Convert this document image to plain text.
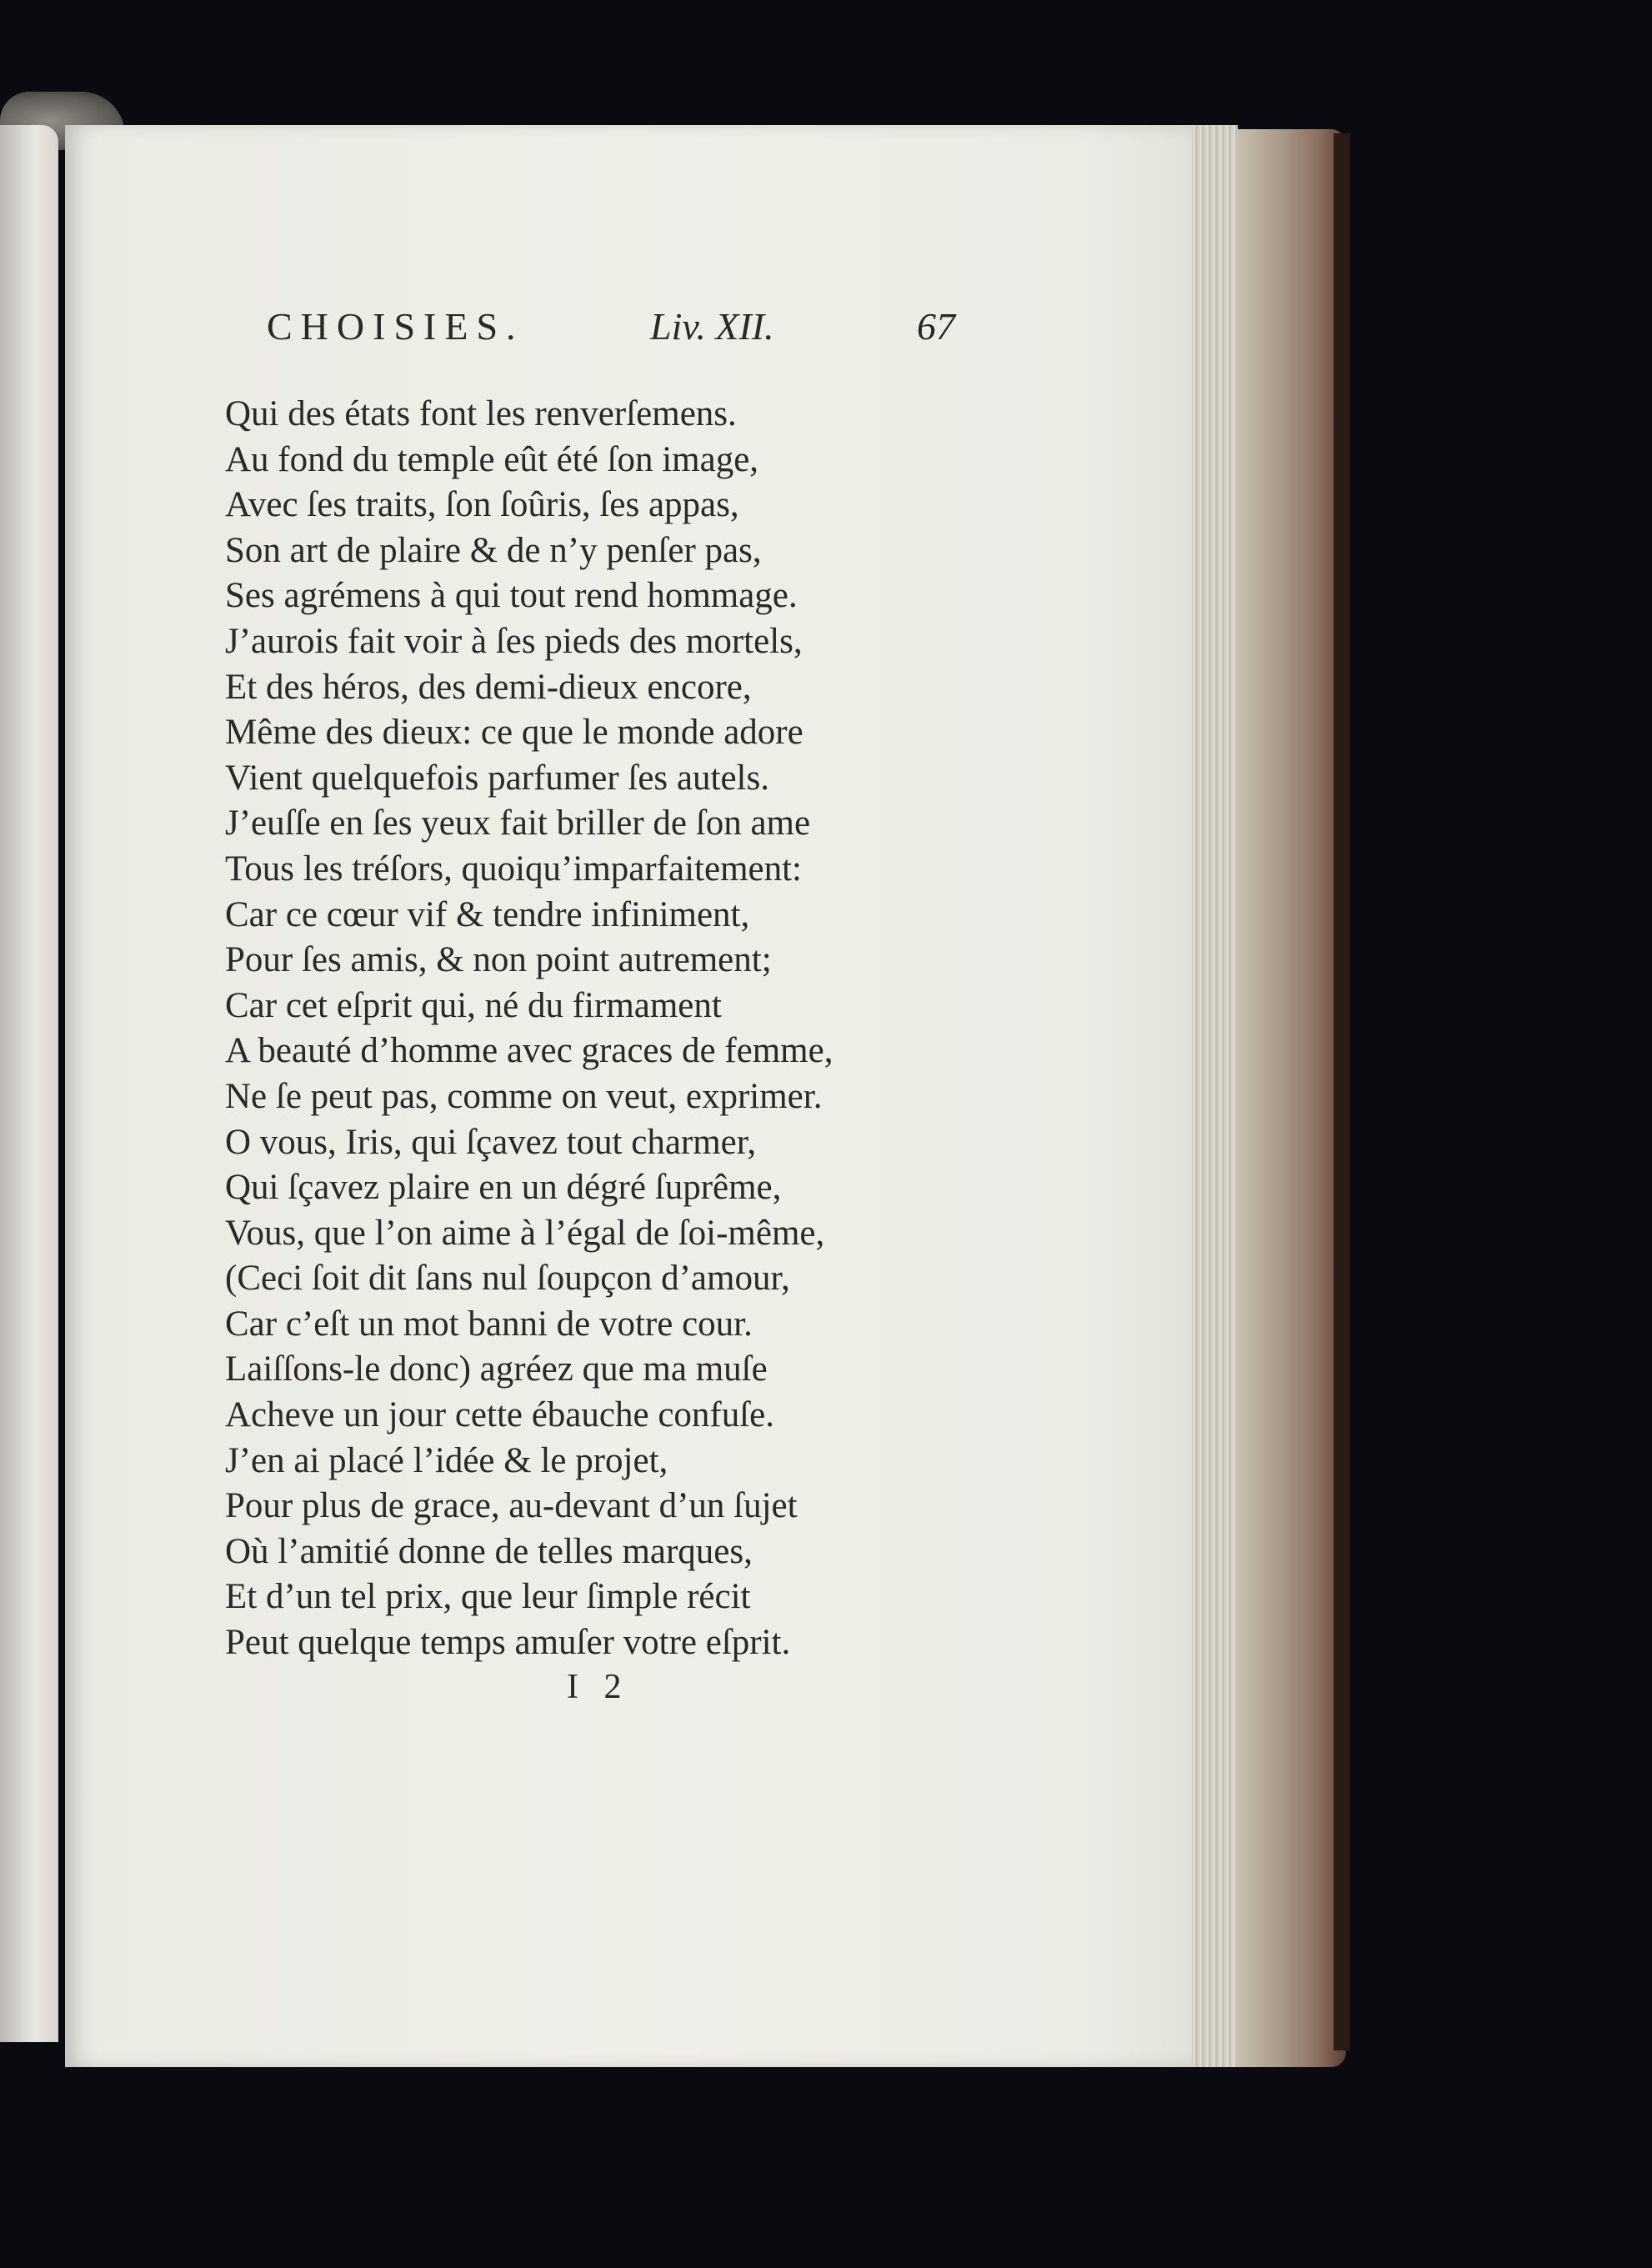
CHOISIES.	Liv. XII.	67
Qui des états font les renverſemens.
Au fond du temple eût été ſon image,
Avec ſes traits, ſon ſoûris, ſes appas,
Son art de plaire & de n’y penſer pas,
Ses agrémens à qui tout rend hommage.
J’aurois fait voir à ſes pieds des mortels,
Et des héros, des demi-dieux encore,
Même des dieux: ce que le monde adore
Vient quelquefois parfumer ſes autels.
J’euſſe en ſes yeux fait briller de ſon ame
Tous les tréſors, quoiqu’imparfaitement:
Car ce cœur vif & tendre infiniment,
Pour ſes amis, & non point autrement;
Car cet eſprit qui, né du firmament
A beauté d’homme avec graces de femme,
Ne ſe peut pas, comme on veut, exprimer.
O vous, Iris, qui ſçavez tout charmer,
Qui ſçavez plaire en un dégré ſuprême,
Vous, que l’on aime à l’égal de ſoi-même,
(Ceci ſoit dit ſans nul ſoupçon d’amour,
Car c’eſt un mot banni de votre cour.
Laiſſons-le donc) agréez que ma muſe
Acheve un jour cette ébauche confuſe.
J’en ai placé l’idée & le projet,
Pour plus de grace, au-devant d’un ſujet
Où l’amitié donne de telles marques,
Et d’un tel prix, que leur ſimple récit
Peut quelque temps amuſer votre eſprit.
I 2
